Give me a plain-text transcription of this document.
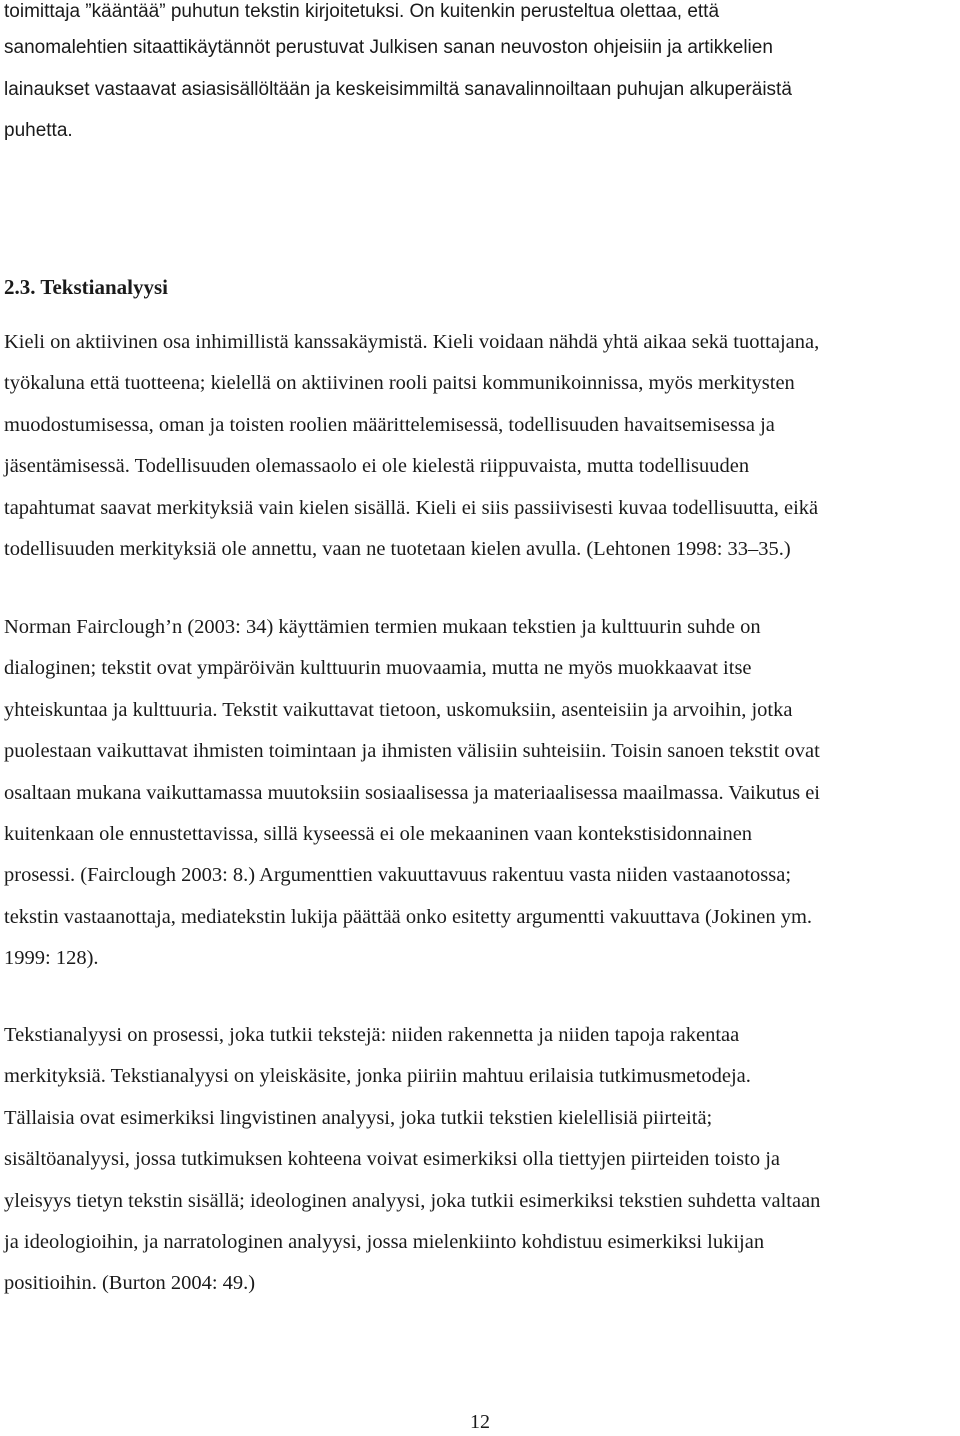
toimittaja ”kääntää” puhutun tekstin kirjoitetuksi. On kuitenkin perusteltua olettaa, että
sanomalehtien sitaattikäytännöt perustuvat Julkisen sanan neuvoston ohjeisiin ja artikkelien
lainaukset vastaavat asiasisällöltään ja keskeisimmiltä sanavalinnoiltaan puhujan alkuperäistä
puhetta.
2.3. Tekstianalyysi
Kieli on aktiivinen osa inhimillistä kanssakäymistä. Kieli voidaan nähdä yhtä aikaa sekä tuottajana,
työkaluna että tuotteena; kielellä on aktiivinen rooli paitsi kommunikoinnissa, myös merkitysten
muodostumisessa, oman ja toisten roolien määrittelemisessä, todellisuuden havaitsemisessa ja
jäsentämisessä. Todellisuuden olemassaolo ei ole kielestä riippuvaista, mutta todellisuuden
tapahtumat saavat merkityksiä vain kielen sisällä. Kieli ei siis passiivisesti kuvaa todellisuutta, eikä
todellisuuden merkityksiä ole annettu, vaan ne tuotetaan kielen avulla. (Lehtonen 1998: 33–35.)
Norman Fairclough’n (2003: 34) käyttämien termien mukaan tekstien ja kulttuurin suhde on
dialoginen; tekstit ovat ympäröivän kulttuurin muovaamia, mutta ne myös muokkaavat itse
yhteiskuntaa ja kulttuuria. Tekstit vaikuttavat tietoon, uskomuksiin, asenteisiin ja arvoihin, jotka
puolestaan vaikuttavat ihmisten toimintaan ja ihmisten välisiin suhteisiin. Toisin sanoen tekstit ovat
osaltaan mukana vaikuttamassa muutoksiin sosiaalisessa ja materiaalisessa maailmassa. Vaikutus ei
kuitenkaan ole ennustettavissa, sillä kyseessä ei ole mekaaninen vaan kontekstisidonnainen
prosessi. (Fairclough 2003: 8.) Argumenttien vakuuttavuus rakentuu vasta niiden vastaanotossa;
tekstin vastaanottaja, mediatekstin lukija päättää onko esitetty argumentti vakuuttava (Jokinen ym.
1999: 128).
Tekstianalyysi on prosessi, joka tutkii tekstejä: niiden rakennetta ja niiden tapoja rakentaa
merkityksiä. Tekstianalyysi on yleiskäsite, jonka piiriin mahtuu erilaisia tutkimusmetodeja.
Tällaisia ovat esimerkiksi lingvistinen analyysi, joka tutkii tekstien kielellisiä piirteitä;
sisältöanalyysi, jossa tutkimuksen kohteena voivat esimerkiksi olla tiettyjen piirteiden toisto ja
yleisyys tietyn tekstin sisällä; ideologinen analyysi, joka tutkii esimerkiksi tekstien suhdetta valtaan
ja ideologioihin, ja narratologinen analyysi, jossa mielenkiinto kohdistuu esimerkiksi lukijan
positioihin. (Burton 2004: 49.)
12
